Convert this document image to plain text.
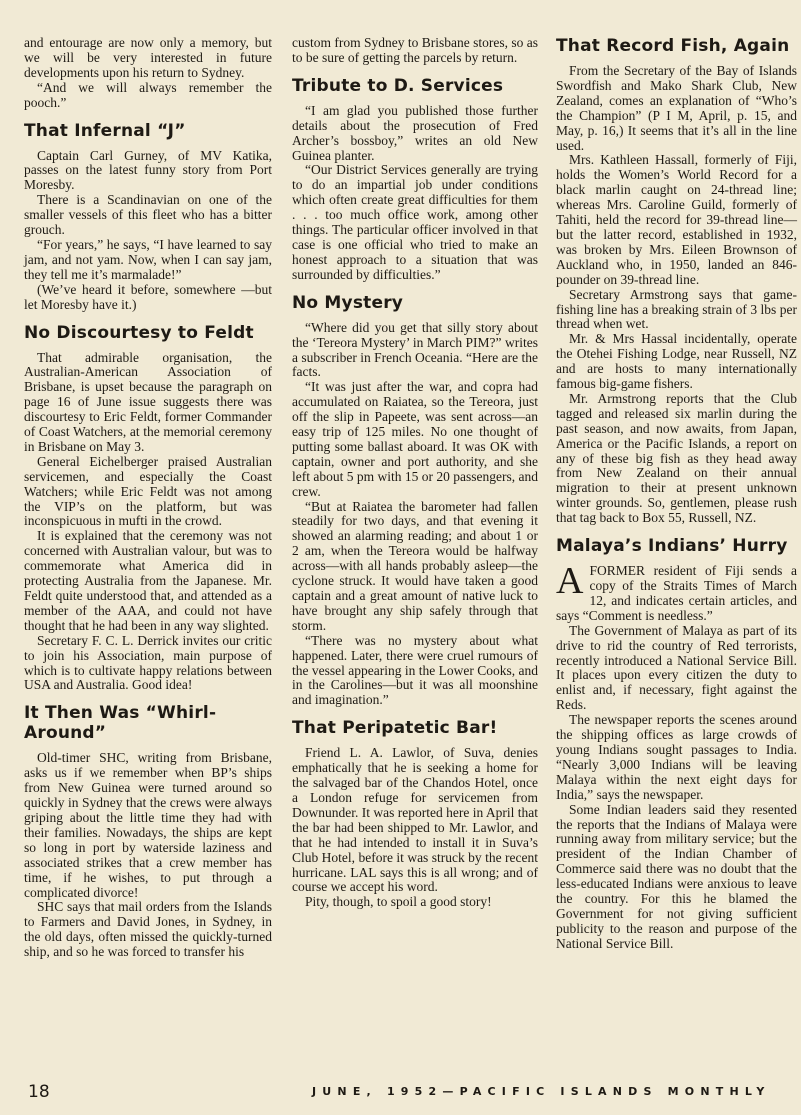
and entourage are now only a memory, but we will be very interested in future developments upon his return to Sydney.

“And we will always remember the pooch.”

That Infernal “J”

Captain Carl Gurney, of MV Katika, passes on the latest funny story from Port Moresby.

There is a Scandinavian on one of the smaller vessels of this fleet who has a bitter grouch.

“For years,” he says, “I have learned to say jam, and not yam. Now, when I can say jam, they tell me it’s marmalade!”

(We’ve heard it before, somewhere —but let Moresby have it.)

No Discourtesy to Feldt

That admirable organisation, the Australian-American Association of Brisbane, is upset because the paragraph on page 16 of June issue suggests there was discourtesy to Eric Feldt, former Commander of Coast Watchers, at the memorial ceremony in Brisbane on May 3.

General Eichelberger praised Australian servicemen, and especially the Coast Watchers; while Eric Feldt was not among the VIP’s on the platform, but was inconspicuous in mufti in the crowd.

It is explained that the ceremony was not concerned with Australian valour, but was to commemorate what America did in protecting Australia from the Japanese. Mr. Feldt quite understood that, and attended as a member of the AAA, and could not have thought that he had been in any way slighted.

Secretary F. C. L. Derrick invites our critic to join his Association, main purpose of which is to cultivate happy relations between USA and Australia. Good idea!

It Then Was “Whirl-Around”

Old-timer SHC, writing from Brisbane, asks us if we remember when BP’s ships from New Guinea were turned around so quickly in Sydney that the crews were always griping about the little time they had with their families. Nowadays, the ships are kept so long in port by waterside laziness and associated strikes that a crew member has time, if he wishes, to put through a complicated divorce!

SHC says that mail orders from the Islands to Farmers and David Jones, in Sydney, in the old days, often missed the quickly-turned ship, and so he was forced to transfer his

custom from Sydney to Brisbane stores, so as to be sure of getting the parcels by return.

Tribute to D. Services

“I am glad you published those further details about the prosecution of Fred Archer’s bossboy,” writes an old New Guinea planter.

“Our District Services generally are trying to do an impartial job under conditions which often create great difficulties for them . . . too much office work, among other things. The particular officer involved in that case is one official who tried to make an honest approach to a situation that was surrounded by difficulties.”

No Mystery

“Where did you get that silly story about the ‘Tereora Mystery’ in March PIM?” writes a subscriber in French Oceania. “Here are the facts.

“It was just after the war, and copra had accumulated on Raiatea, so the Tereora, just off the slip in Papeete, was sent across—an easy trip of 125 miles. No one thought of putting some ballast aboard. It was OK with captain, owner and port authority, and she left about 5 pm with 15 or 20 passengers, and crew.

“But at Raiatea the barometer had fallen steadily for two days, and that evening it showed an alarming reading; and about 1 or 2 am, when the Tereora would be halfway across—with all hands probably asleep—the cyclone struck. It would have taken a good captain and a great amount of native luck to have brought any ship safely through that storm.

“There was no mystery about what happened. Later, there were cruel rumours of the vessel appearing in the Lower Cooks, and in the Carolines—but it was all moonshine and imagination.”

That Peripatetic Bar!

Friend L. A. Lawlor, of Suva, denies emphatically that he is seeking a home for the salvaged bar of the Chandos Hotel, once a London refuge for servicemen from Downunder. It was reported here in April that the bar had been shipped to Mr. Lawlor, and that he had intended to install it in Suva’s Club Hotel, before it was struck by the recent hurricane. LAL says this is all wrong; and of course we accept his word.

Pity, though, to spoil a good story!

That Record Fish, Again

From the Secretary of the Bay of Islands Swordfish and Mako Shark Club, New Zealand, comes an explanation of “Who’s the Champion” (P I M, April, p. 15, and May, p. 16,) It seems that it’s all in the line used.

Mrs. Kathleen Hassall, formerly of Fiji, holds the Women’s World Record for a black marlin caught on 24-thread line; whereas Mrs. Caroline Guild, formerly of Tahiti, held the record for 39-thread line—but the latter record, established in 1932, was broken by Mrs. Eileen Brownson of Auckland who, in 1950, landed an 846-pounder on 39-thread line.

Secretary Armstrong says that game-fishing line has a breaking strain of 3 lbs per thread when wet.

Mr. & Mrs Hassal incidentally, operate the Otehei Fishing Lodge, near Russell, NZ and are hosts to many internationally famous big-game fishers.

Mr. Armstrong reports that the Club tagged and released six marlin during the past season, and now awaits, from Japan, America or the Pacific Islands, a report on any of these big fish as they head away from New Zealand on their annual migration to their at present unknown winter grounds. So, gentlemen, please rush that tag back to Box 55, Russell, NZ.

Malaya’s Indians’ Hurry

AFORMER resident of Fiji sends a copy of the Straits Times of March 12, and indicates certain articles, and says “Comment is needless.”

The Government of Malaya as part of its drive to rid the country of Red terrorists, recently introduced a National Service Bill. It places upon every citizen the duty to enlist and, if necessary, fight against the Reds.

The newspaper reports the scenes around the shipping offices as large crowds of young Indians sought passages to India. “Nearly 3,000 Indians will be leaving Malaya within the next eight days for India,” says the newspaper.

Some Indian leaders said they resented the reports that the Indians of Malaya were running away from military service; but the president of the Indian Chamber of Commerce said there was no doubt that the less-educated Indians were anxious to leave the country. For this he blamed the Government for not giving sufficient publicity to the reason and purpose of the National Service Bill.

18	JUNE, 1952—PACIFIC ISLANDS MONTHLY
